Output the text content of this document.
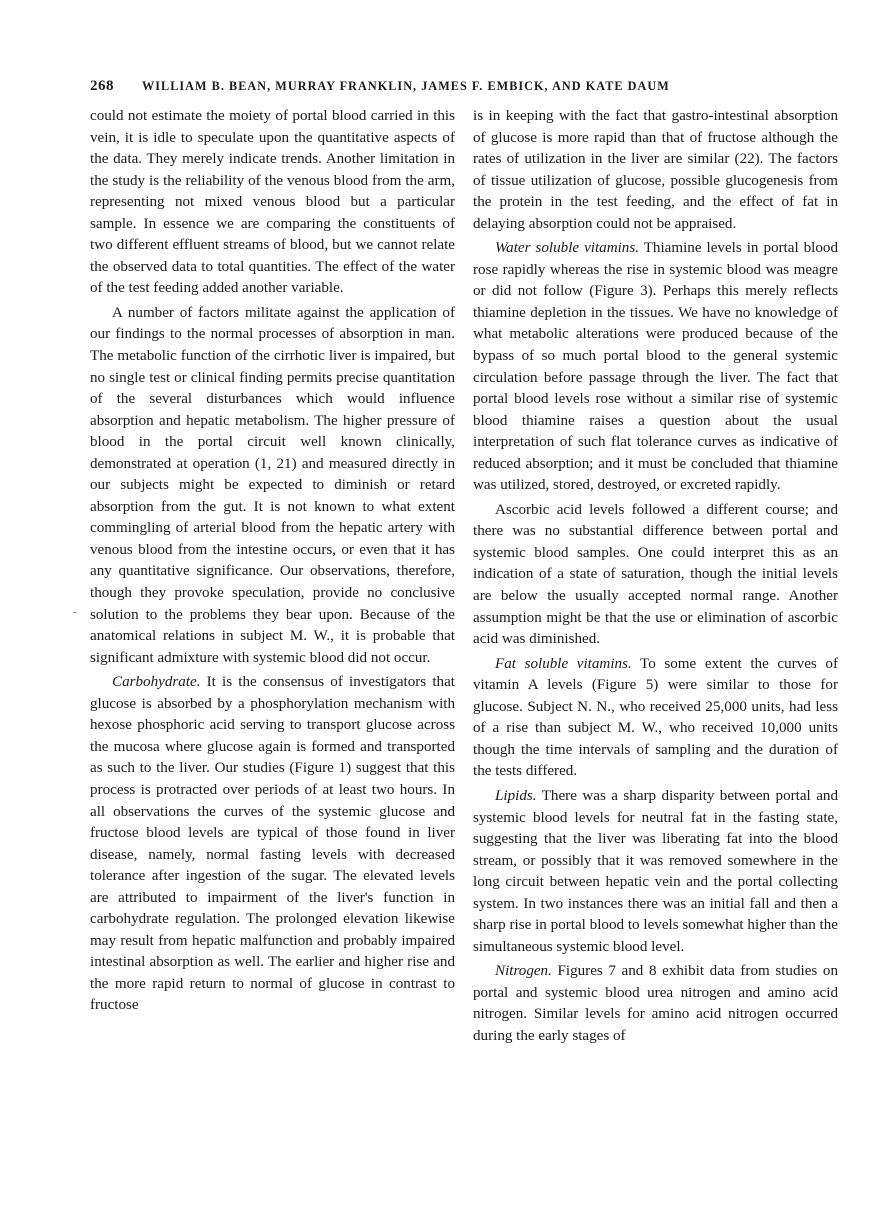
268 WILLIAM B. BEAN, MURRAY FRANKLIN, JAMES F. EMBICK, AND KATE DAUM

could not estimate the moiety of portal blood carried in this vein, it is idle to speculate upon the quantitative aspects of the data. They merely indicate trends. Another limitation in the study is the reliability of the venous blood from the arm, representing not mixed venous blood but a particular sample. In essence we are comparing the constituents of two different effluent streams of blood, but we cannot relate the observed data to total quantities. The effect of the water of the test feeding added another variable.

A number of factors militate against the application of our findings to the normal processes of absorption in man. The metabolic function of the cirrhotic liver is impaired, but no single test or clinical finding permits precise quantitation of the several disturbances which would influence absorption and hepatic metabolism. The higher pressure of blood in the portal circuit well known clinically, demonstrated at operation (1, 21) and measured directly in our subjects might be expected to diminish or retard absorption from the gut. It is not known to what extent commingling of arterial blood from the hepatic artery with venous blood from the intestine occurs, or even that it has any quantitative significance. Our observations, therefore, though they provoke speculation, provide no conclusive solution to the problems they bear upon. Because of the anatomical relations in subject M. W., it is probable that significant admixture with systemic blood did not occur.

Carbohydrate. It is the consensus of investigators that glucose is absorbed by a phosphorylation mechanism with hexose phosphoric acid serving to transport glucose across the mucosa where glucose again is formed and transported as such to the liver. Our studies (Figure 1) suggest that this process is protracted over periods of at least two hours. In all observations the curves of the systemic glucose and fructose blood levels are typical of those found in liver disease, namely, normal fasting levels with decreased tolerance after ingestion of the sugar. The elevated levels are attributed to impairment of the liver's function in carbohydrate regulation. The prolonged elevation likewise may result from hepatic malfunction and probably impaired intestinal absorption as well. The earlier and higher rise and the more rapid return to normal of glucose in contrast to fructose

is in keeping with the fact that gastro-intestinal absorption of glucose is more rapid than that of fructose although the rates of utilization in the liver are similar (22). The factors of tissue utilization of glucose, possible glucogenesis from the protein in the test feeding, and the effect of fat in delaying absorption could not be appraised.

Water soluble vitamins. Thiamine levels in portal blood rose rapidly whereas the rise in systemic blood was meagre or did not follow (Figure 3). Perhaps this merely reflects thiamine depletion in the tissues. We have no knowledge of what metabolic alterations were produced because of the bypass of so much portal blood to the general systemic circulation before passage through the liver. The fact that portal blood levels rose without a similar rise of systemic blood thiamine raises a question about the usual interpretation of such flat tolerance curves as indicative of reduced absorption; and it must be concluded that thiamine was utilized, stored, destroyed, or excreted rapidly.

Ascorbic acid levels followed a different course; and there was no substantial difference between portal and systemic blood samples. One could interpret this as an indication of a state of saturation, though the initial levels are below the usually accepted normal range. Another assumption might be that the use or elimination of ascorbic acid was diminished.

Fat soluble vitamins. To some extent the curves of vitamin A levels (Figure 5) were similar to those for glucose. Subject N. N., who received 25,000 units, had less of a rise than subject M. W., who received 10,000 units though the time intervals of sampling and the duration of the tests differed.

Lipids. There was a sharp disparity between portal and systemic blood levels for neutral fat in the fasting state, suggesting that the liver was liberating fat into the blood stream, or possibly that it was removed somewhere in the long circuit between hepatic vein and the portal collecting system. In two instances there was an initial fall and then a sharp rise in portal blood to levels somewhat higher than the simultaneous systemic blood level.

Nitrogen. Figures 7 and 8 exhibit data from studies on portal and systemic blood urea nitrogen and amino acid nitrogen. Similar levels for amino acid nitrogen occurred during the early stages of
